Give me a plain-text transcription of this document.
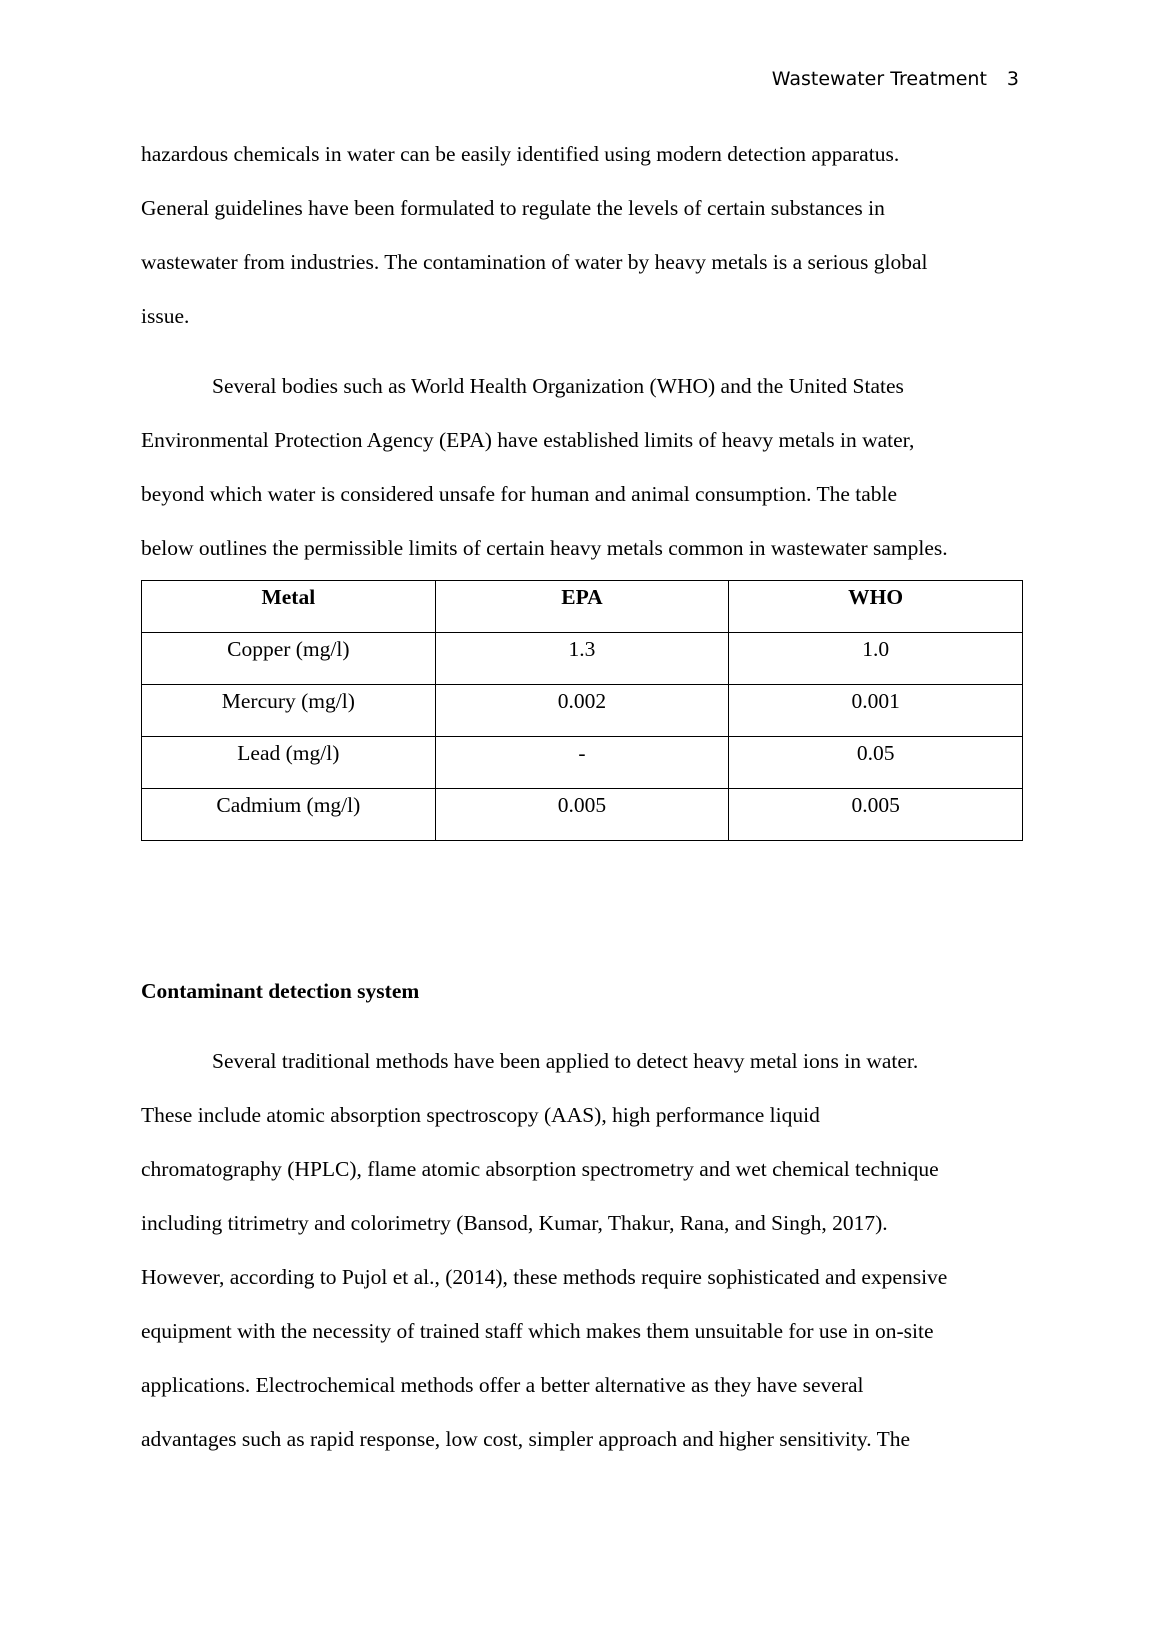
Wastewater Treatment 3
hazardous chemicals in water can be easily identified using modern detection apparatus.
General guidelines have been formulated to regulate the levels of certain substances in
wastewater from industries. The contamination of water by heavy metals is a serious global
issue.
Several bodies such as World Health Organization (WHO) and the United States
Environmental Protection Agency (EPA) have established limits of heavy metals in water,
beyond which water is considered unsafe for human and animal consumption. The table
below outlines the permissible limits of certain heavy metals common in wastewater samples.
Metal	EPA	WHO

Copper (mg/l)	1.3	1.0

Mercury (mg/l)	0.002	0.001

Lead (mg/l)	-	0.05

Cadmium (mg/l)	0.005	0.005
Contaminant detection system
Several traditional methods have been applied to detect heavy metal ions in water.
These include atomic absorption spectroscopy (AAS), high performance liquid
chromatography (HPLC), flame atomic absorption spectrometry and wet chemical technique
including titrimetry and colorimetry (Bansod, Kumar, Thakur, Rana, and Singh, 2017).
However, according to Pujol et al., (2014), these methods require sophisticated and expensive
equipment with the necessity of trained staff which makes them unsuitable for use in on-site
applications. Electrochemical methods offer a better alternative as they have several
advantages such as rapid response, low cost, simpler approach and higher sensitivity. The
